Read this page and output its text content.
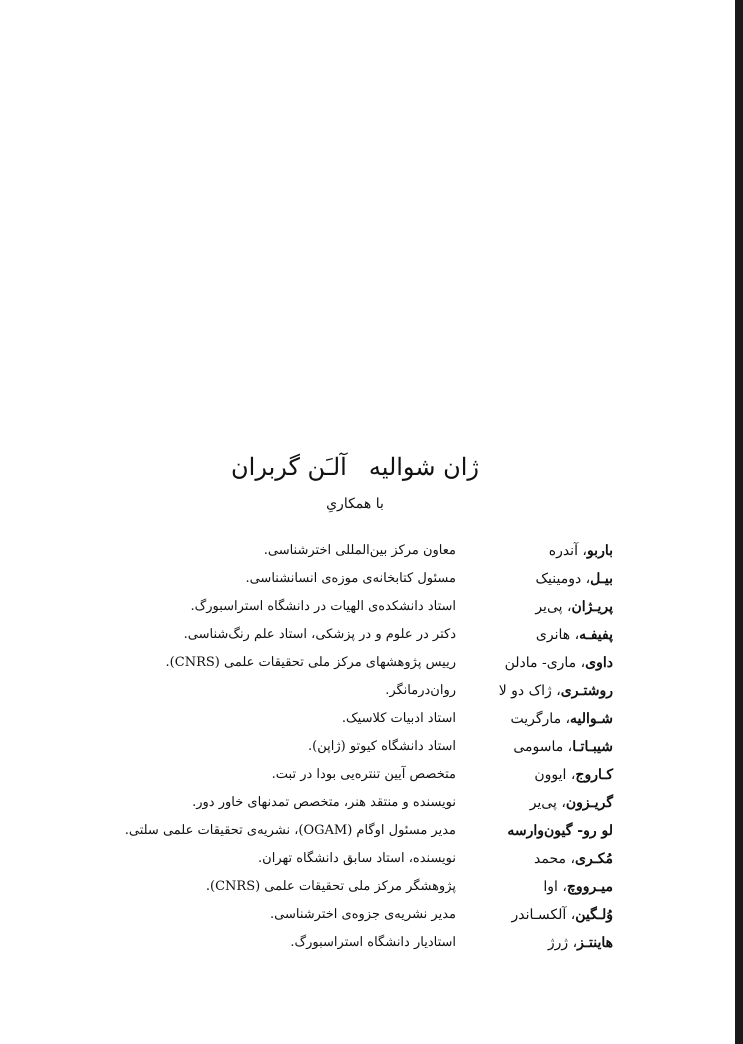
ژان شوالیهآلـَن گربران
با همکاریِ
باربو، آندره
معاون مرکز بین‌المللی اخترشناسی.
بیـل، دومینیک
مسئول کتابخانه‌ی موزه‌ی انسانشناسی.
پریـژان، پی‌یر
استاد دانشکده‌ی الهیات در دانشگاه استراسبورگ.
پفیفـه، هانری
دکتر در علوم و در پزشکی، استاد علم رنگ‌شناسی.
داوی، ماری- مادلن
رییس پژوهشهای مرکز ملی تحقیقات علمی (CNRS).
روشتـری، ژاک دو لا
روان‌درمانگر.
شـوالیه، مارگریت
استاد ادبیات کلاسیک.
شیبـاتـا، ماسومی
استاد دانشگاه کیوتو (ژاپن).
کـاروج، ایوون
متخصص آیین تنتره‌یی بودا در تبت.
گریـزون، پی‌یر
نویسنده و منتقد هنر، متخصص تمدنهای خاور دور.
لو رو- گیون‌وارسه
مدیر مسئول اوگام (OGAM)، نشریه‌ی تحقیقات علمی سلتی.
مُکـری، محمد
نویسنده، استاد سابق دانشگاه تهران.
میـرووچ، اوا
پژوهشگر مرکز ملی تحقیقات علمی (CNRS).
وُلـگین، آلکسـاندر
مدیر نشریه‌ی جزوه‌ی اخترشناسی.
هاینتـز، ژرژ
استادیار دانشگاه استراسبورگ.
